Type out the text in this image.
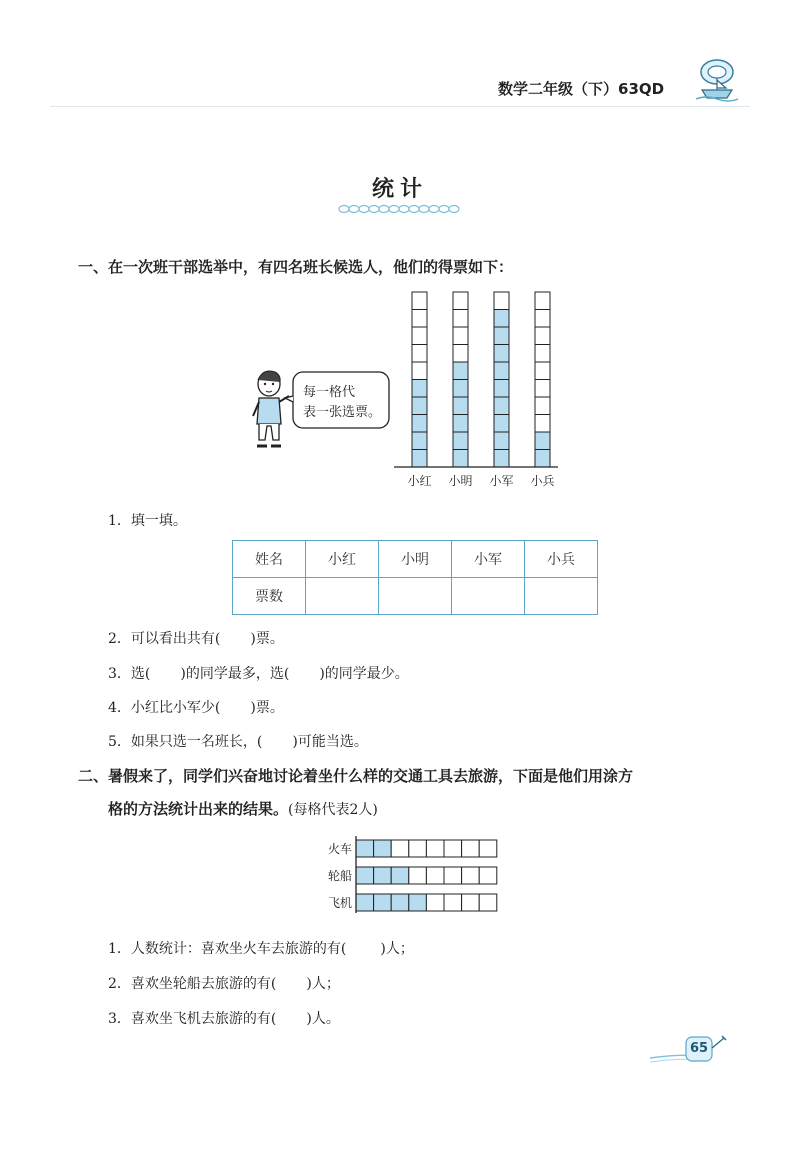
数学二年级（下）63QD
统计
一、在一次班干部选举中，有四名班长候选人，他们的得票如下：
每一格代
表一张选票。
小红 小明 小军 小兵
1．填一填。
姓名	小红	小明	小军	小兵
票数				
2．可以看出共有( )票。
3．选( )的同学最多，选( )的同学最少。
4．小红比小军少( )票。
5．如果只选一名班长，( )可能当选。
二、暑假来了，同学们兴奋地讨论着坐什么样的交通工具去旅游，下面是他们用涂方
格的方法统计出来的结果。(每格代表2人)
火车
轮船
飞机
1．人数统计：喜欢坐火车去旅游的有( )人；
2．喜欢坐轮船去旅游的有( )人；
3．喜欢坐飞机去旅游的有( )人。
65
